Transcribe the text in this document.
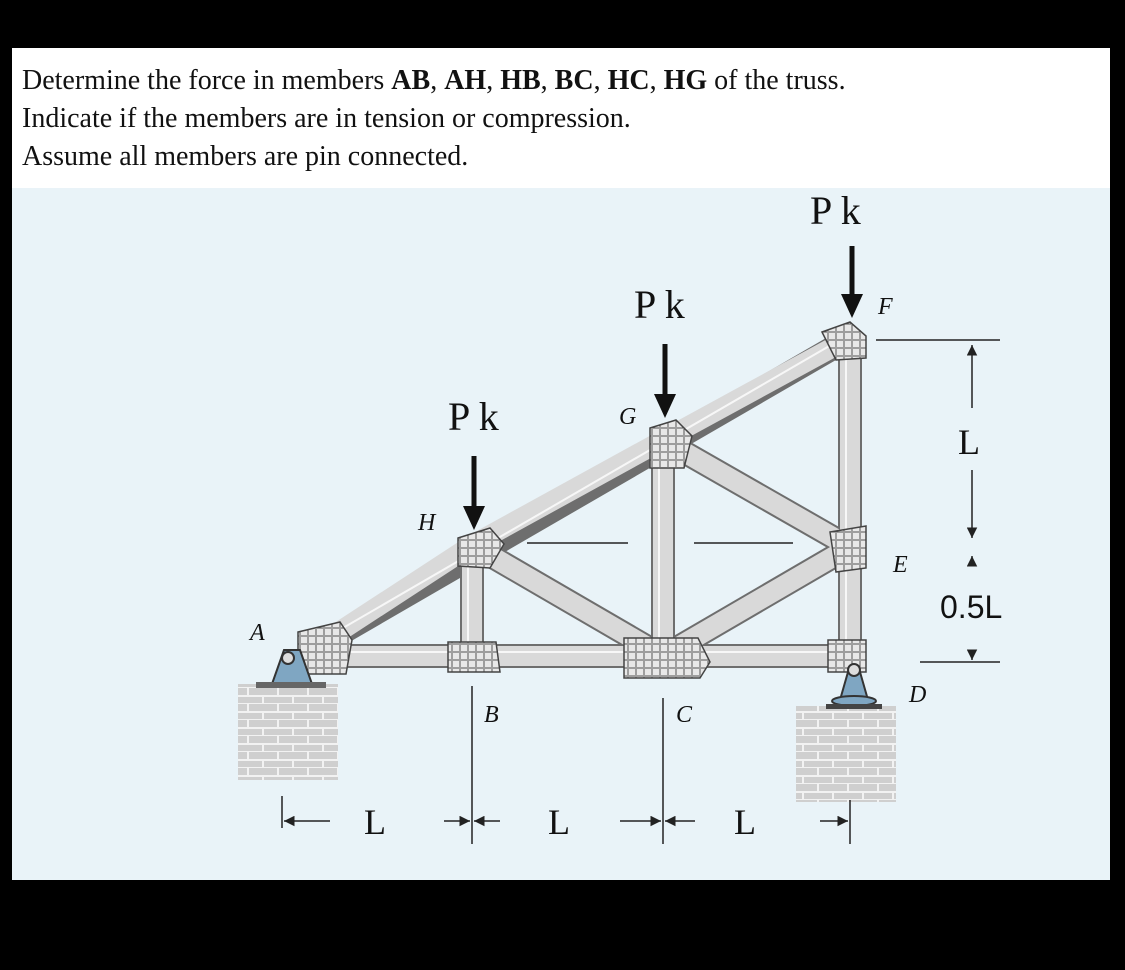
Determine the force in members AB, AH, HB, BC, HC, HG of the truss.

Indicate if the members are in tension or compression.

Assume all members are pin connected.

P k
P k
P k
A
H
G
F
E
D
B	C
L
0.5L
L	L	L
